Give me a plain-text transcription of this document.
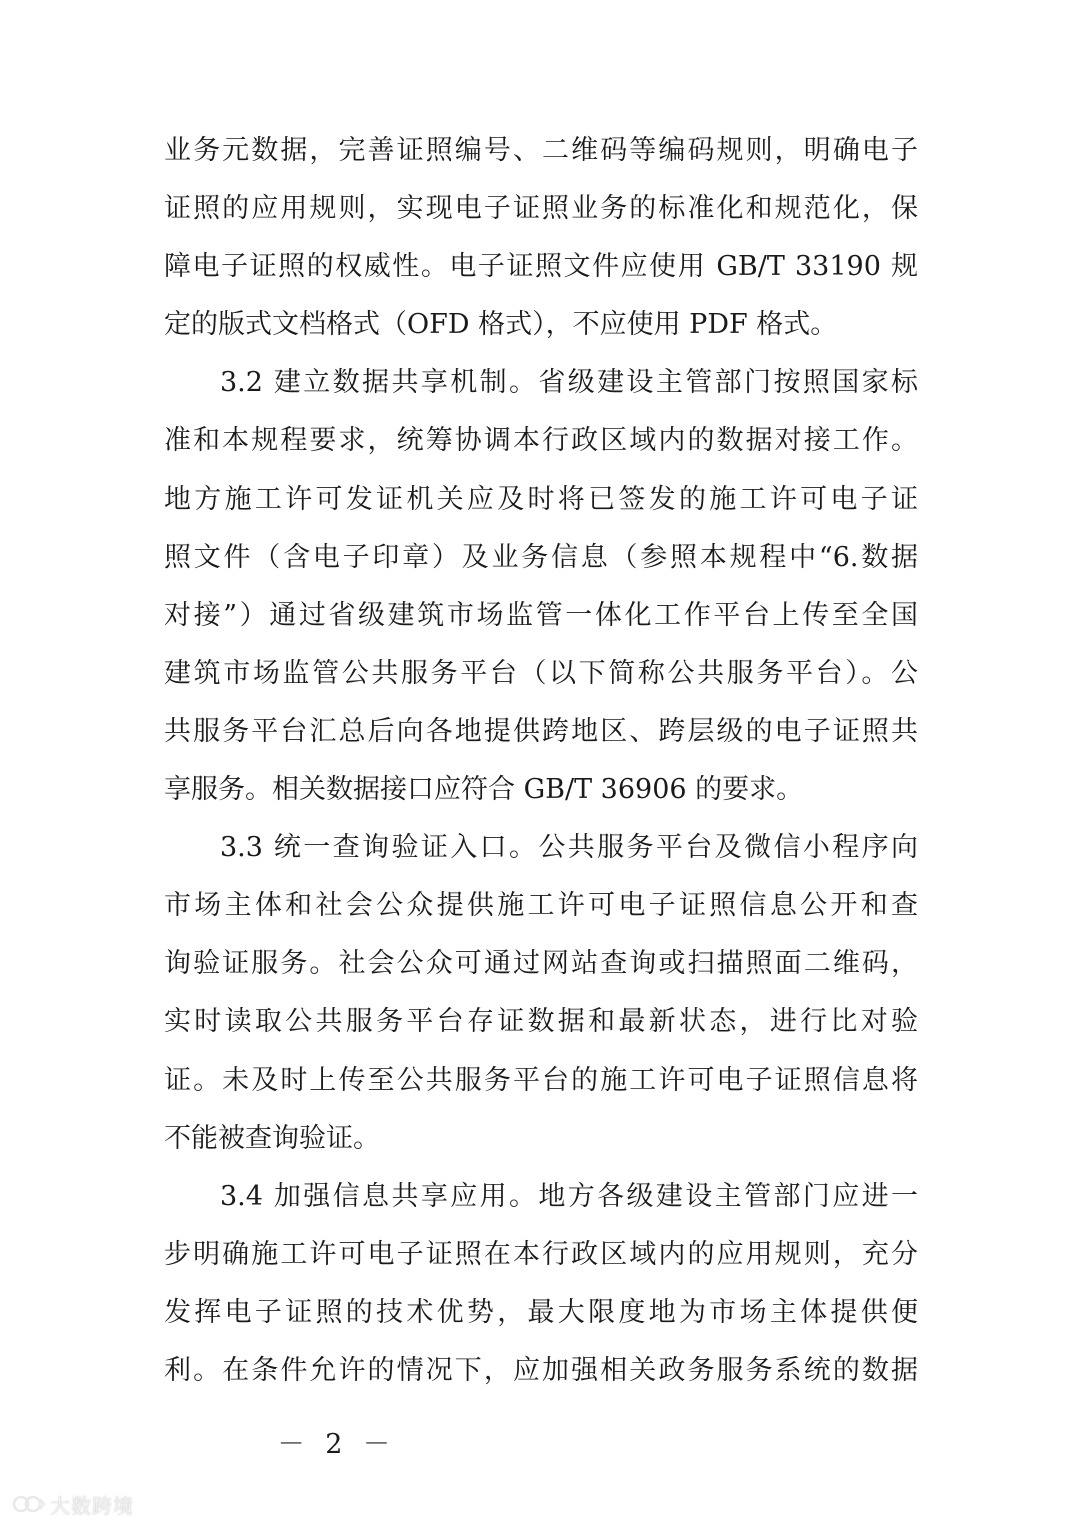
业务元数据，完善证照编号、二维码等编码规则，明确电子
证照的应用规则，实现电子证照业务的标准化和规范化，保
障电子证照的权威性。电子证照文件应使用 GB/T 33190 规
定的版式文档格式（OFD 格式），不应使用 PDF 格式。
3.2 建立数据共享机制。省级建设主管部门按照国家标
准和本规程要求，统筹协调本行政区域内的数据对接工作。
地方施工许可发证机关应及时将已签发的施工许可电子证
照文件（含电子印章）及业务信息（参照本规程中“6.数据
对接”）通过省级建筑市场监管一体化工作平台上传至全国
建筑市场监管公共服务平台（以下简称公共服务平台）。公
共服务平台汇总后向各地提供跨地区、跨层级的电子证照共
享服务。相关数据接口应符合 GB/T 36906 的要求。
3.3 统一查询验证入口。公共服务平台及微信小程序向
市场主体和社会公众提供施工许可电子证照信息公开和查
询验证服务。社会公众可通过网站查询或扫描照面二维码，
实时读取公共服务平台存证数据和最新状态，进行比对验
证。未及时上传至公共服务平台的施工许可电子证照信息将
不能被查询验证。
3.4 加强信息共享应用。地方各级建设主管部门应进一
步明确施工许可电子证照在本行政区域内的应用规则，充分
发挥电子证照的技术优势，最大限度地为市场主体提供便
利。在条件允许的情况下，应加强相关政务服务系统的数据
－ 2 －
大数跨境
